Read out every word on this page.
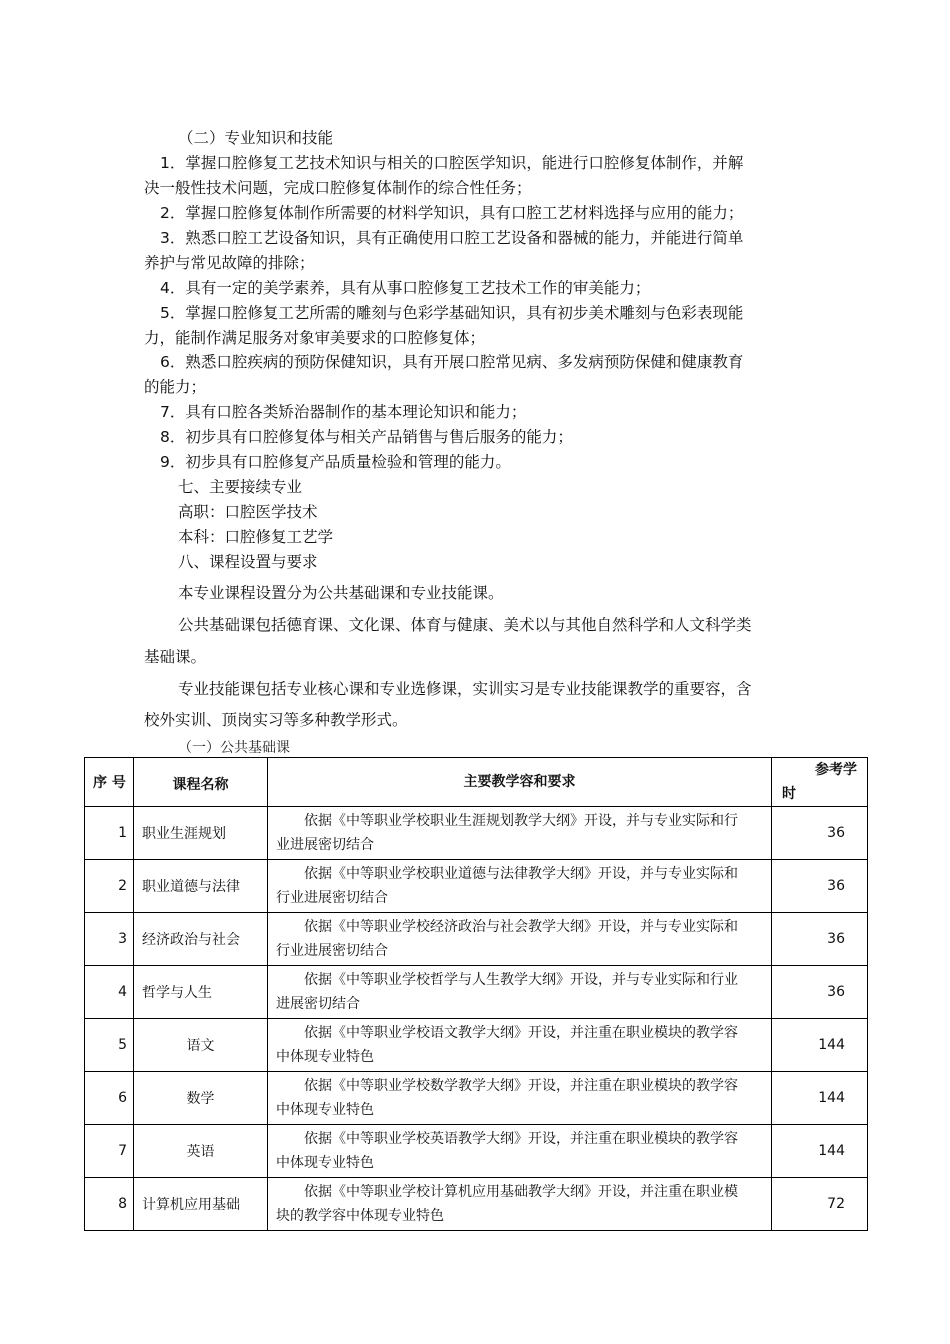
（二）专业知识和技能
1．掌握口腔修复工艺技术知识与相关的口腔医学知识，能进行口腔修复体制作，并解
决一般性技术问题，完成口腔修复体制作的综合性任务；
2．掌握口腔修复体制作所需要的材料学知识，具有口腔工艺材料选择与应用的能力；
3．熟悉口腔工艺设备知识，具有正确使用口腔工艺设备和器械的能力，并能进行简单
养护与常见故障的排除；
4．具有一定的美学素养，具有从事口腔修复工艺技术工作的审美能力；
5．掌握口腔修复工艺所需的雕刻与色彩学基础知识，具有初步美术雕刻与色彩表现能
力，能制作满足服务对象审美要求的口腔修复体；
6．熟悉口腔疾病的预防保健知识，具有开展口腔常见病、多发病预防保健和健康教育
的能力；
7．具有口腔各类矫治器制作的基本理论知识和能力；
8．初步具有口腔修复体与相关产品销售与售后服务的能力；
9．初步具有口腔修复产品质量检验和管理的能力。
七、主要接续专业
高职：口腔医学技术
本科：口腔修复工艺学
八、课程设置与要求
本专业课程设置分为公共基础课和专业技能课。
公共基础课包括德育课、文化课、体育与健康、美术以与其他自然科学和人文科学类
基础课。
专业技能课包括专业核心课和专业选修课，实训实习是专业技能课教学的重要容，含
校外实训、顶岗实习等多种教学形式。
（一）公共基础课
序 号	课程名称	主要教学容和要求	参考学
时

1	职业生涯规划	依据《中等职业学校职业生涯规划教学大纲》开设，并与专业实际和行
业进展密切结合	36
2	职业道德与法律	依据《中等职业学校职业道德与法律教学大纲》开设，并与专业实际和
行业进展密切结合	36
3	经济政治与社会	依据《中等职业学校经济政治与社会教学大纲》开设，并与专业实际和
行业进展密切结合	36
4	哲学与人生	依据《中等职业学校哲学与人生教学大纲》开设，并与专业实际和行业
进展密切结合	36
5	语文	依据《中等职业学校语文教学大纲》开设，并注重在职业模块的教学容
中体现专业特色	144
6	数学	依据《中等职业学校数学教学大纲》开设，并注重在职业模块的教学容
中体现专业特色	144
7	英语	依据《中等职业学校英语教学大纲》开设，并注重在职业模块的教学容
中体现专业特色	144
8	计算机应用基础	依据《中等职业学校计算机应用基础教学大纲》开设，并注重在职业模
块的教学容中体现专业特色	72
